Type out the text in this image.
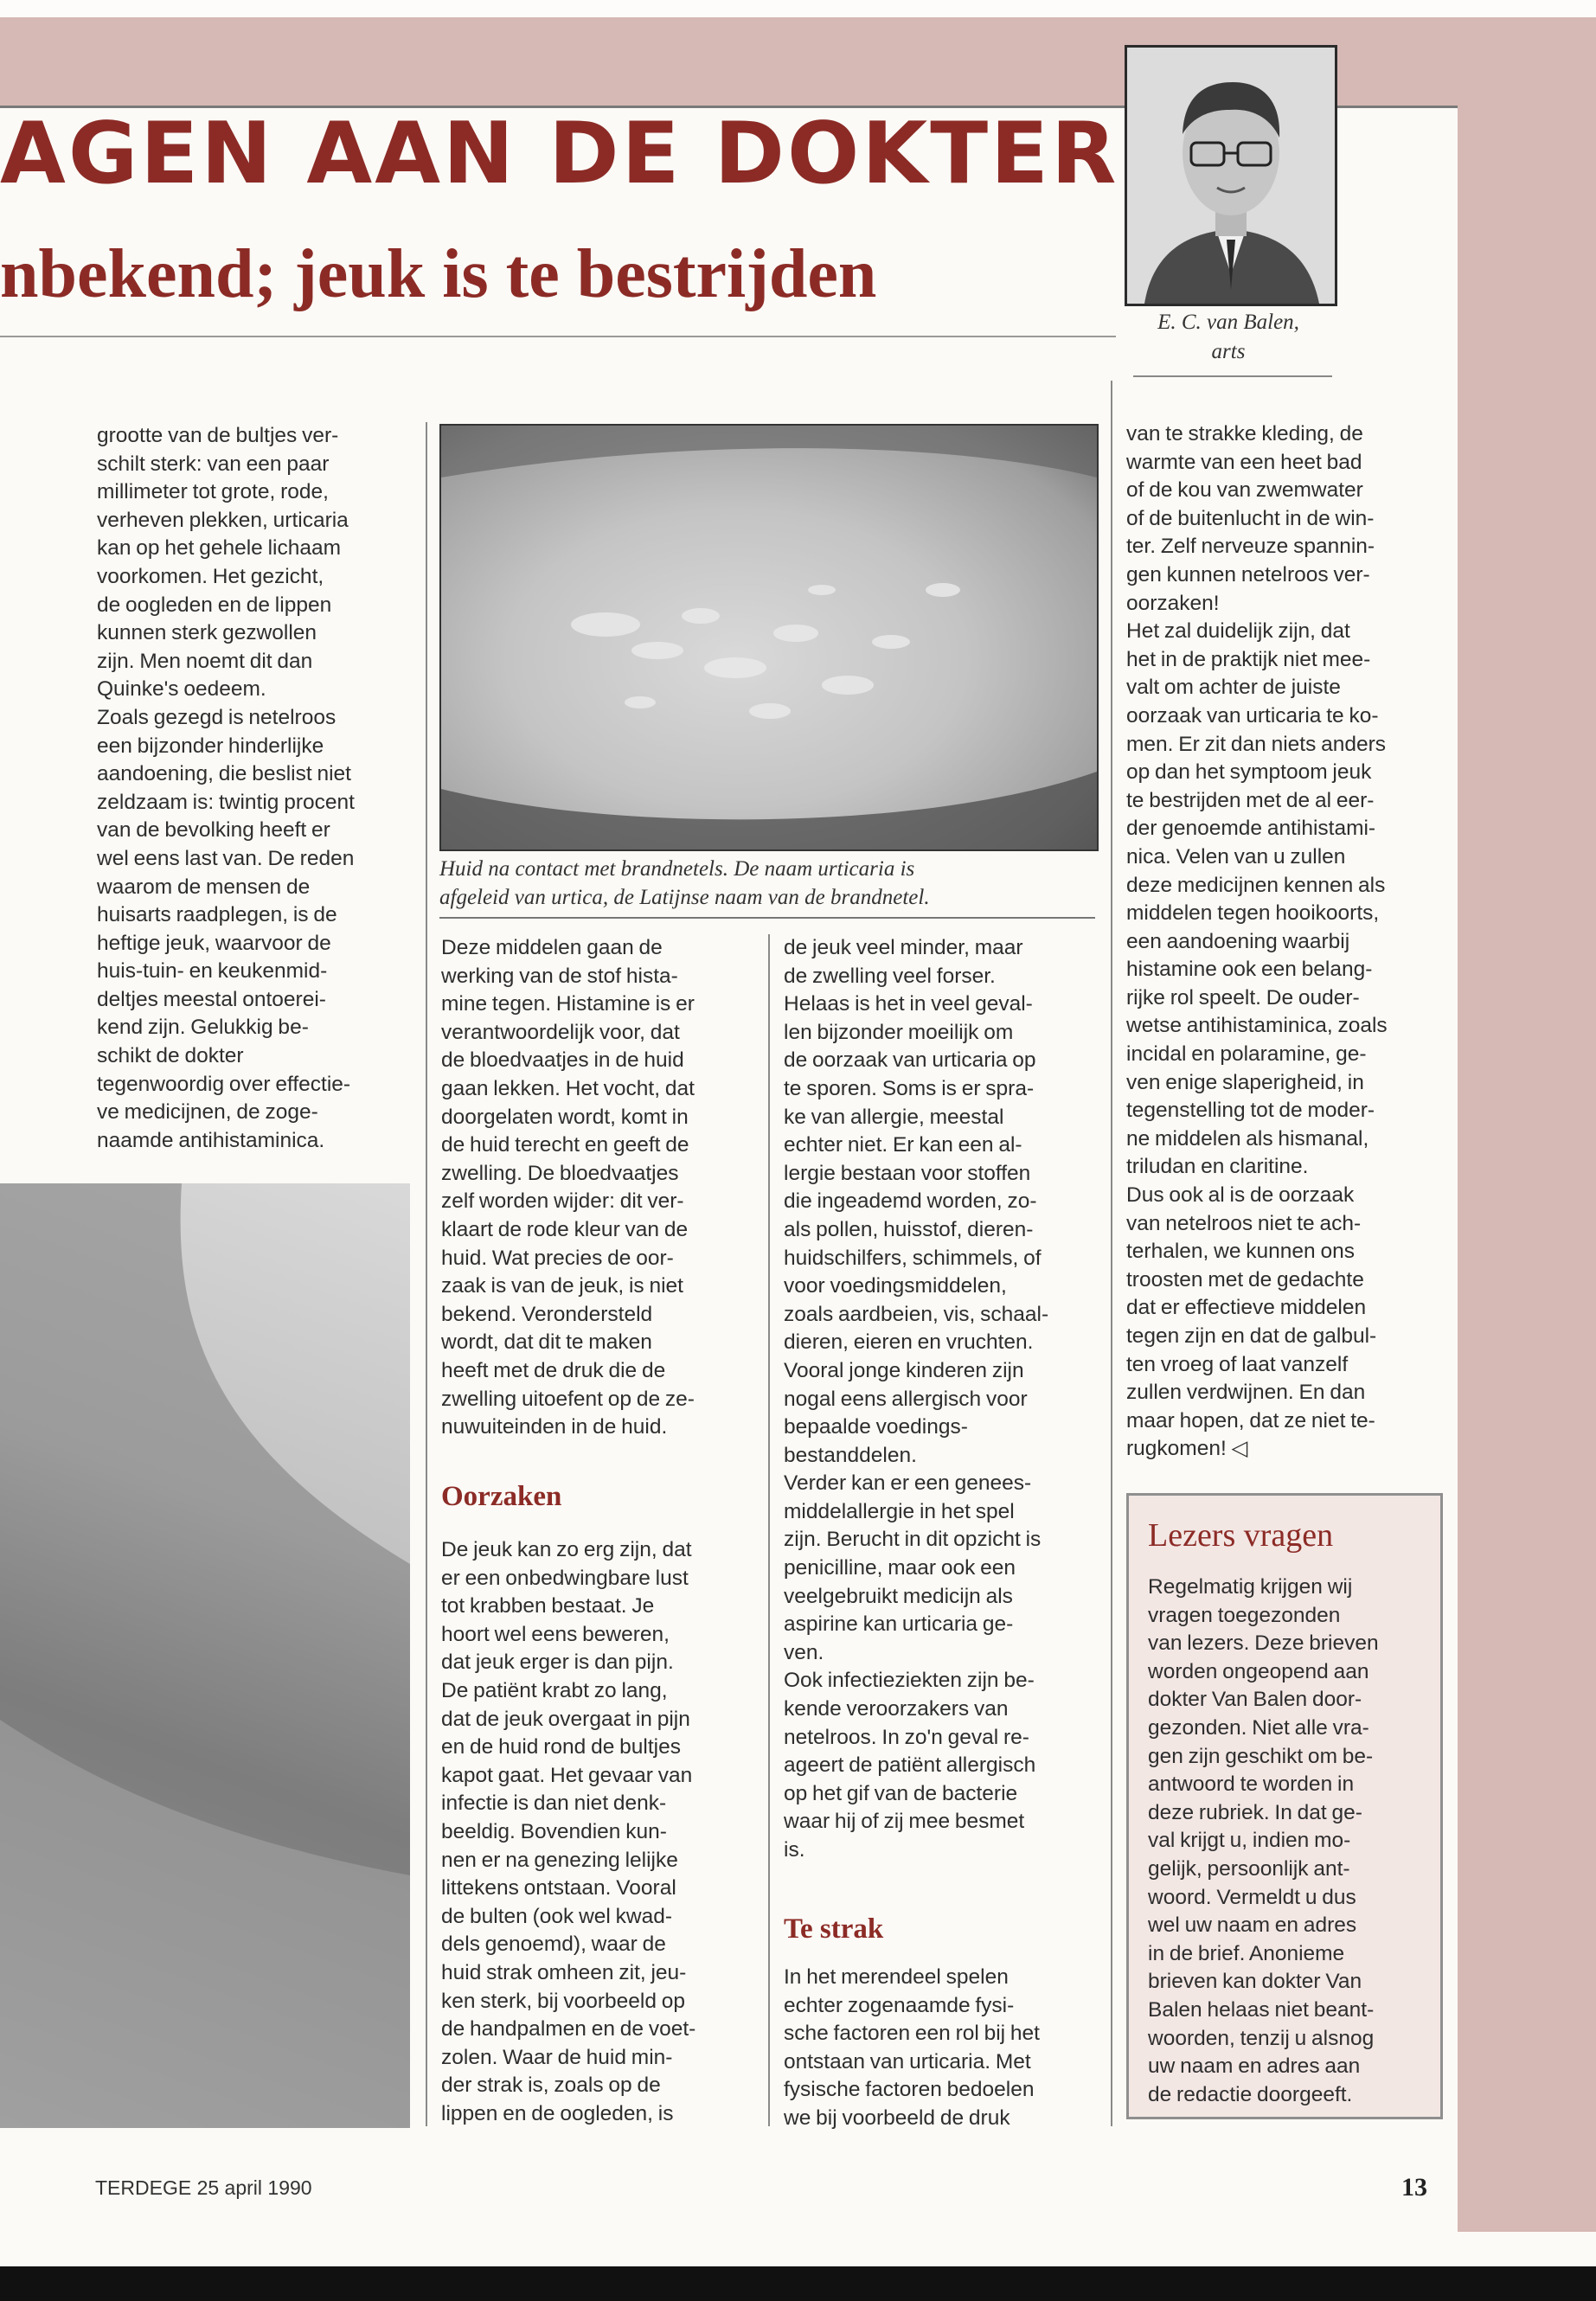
AGEN AAN DE DOKTER
nbekend; jeuk is te bestrijden
E. C. van Balen,
arts

grootte van de bultjes ver-

schilt sterk: van een paar

millimeter tot grote, rode,

verheven plekken, urticaria

kan op het gehele lichaam

voorkomen. Het gezicht,

de oogleden en de lippen

kunnen sterk gezwollen

zijn. Men noemt dit dan

Quinke's oedeem.

Zoals gezegd is netelroos

een bijzonder hinderlijke

aandoening, die beslist niet

zeldzaam is: twintig procent

van de bevolking heeft er

wel eens last van. De reden

waarom de mensen de

huisarts raadplegen, is de

heftige jeuk, waarvoor de

huis-tuin- en keukenmid-

deltjes meestal ontoerei-

kend zijn. Gelukkig be-

schikt de dokter

tegenwoordig over effectie-

ve medicijnen, de zoge-

naamde antihistaminica.

Huid na contact met brandnetels. De naam urticaria is
afgeleid van urtica, de Latijnse naam van de brandnetel.

Deze middelen gaan de

werking van de stof hista-

mine tegen. Histamine is er

verantwoordelijk voor, dat

de bloedvaatjes in de huid

gaan lekken. Het vocht, dat

doorgelaten wordt, komt in

de huid terecht en geeft de

zwelling. De bloedvaatjes

zelf worden wijder: dit ver-

klaart de rode kleur van de

huid. Wat precies de oor-

zaak is van de jeuk, is niet

bekend. Verondersteld

wordt, dat dit te maken

heeft met de druk die de

zwelling uitoefent op de ze-

nuwuiteinden in de huid.

Oorzaken

De jeuk kan zo erg zijn, dat

er een onbedwingbare lust

tot krabben bestaat. Je

hoort wel eens beweren,

dat jeuk erger is dan pijn.

De patiënt krabt zo lang,

dat de jeuk overgaat in pijn

en de huid rond de bultjes

kapot gaat. Het gevaar van

infectie is dan niet denk-

beeldig. Bovendien kun-

nen er na genezing lelijke

littekens ontstaan. Vooral

de bulten (ook wel kwad-

dels genoemd), waar de

huid strak omheen zit, jeu-

ken sterk, bij voorbeeld op

de handpalmen en de voet-

zolen. Waar de huid min-

der strak is, zoals op de

lippen en de oogleden, is

de jeuk veel minder, maar

de zwelling veel forser.

Helaas is het in veel geval-

len bijzonder moeilijk om

de oorzaak van urticaria op

te sporen. Soms is er spra-

ke van allergie, meestal

echter niet. Er kan een al-

lergie bestaan voor stoffen

die ingeademd worden, zo-

als pollen, huisstof, dieren-

huidschilfers, schimmels, of

voor voedingsmiddelen,

zoals aardbeien, vis, schaal-

dieren, eieren en vruchten.

Vooral jonge kinderen zijn

nogal eens allergisch voor

bepaalde voedings-

bestanddelen.

Verder kan er een genees-

middelallergie in het spel

zijn. Berucht in dit opzicht is

penicilline, maar ook een

veelgebruikt medicijn als

aspirine kan urticaria ge-

ven.

Ook infectieziekten zijn be-

kende veroorzakers van

netelroos. In zo'n geval re-

ageert de patiënt allergisch

op het gif van de bacterie

waar hij of zij mee besmet

is.

Te strak

In het merendeel spelen

echter zogenaamde fysi-

sche factoren een rol bij het

ontstaan van urticaria. Met

fysische factoren bedoelen

we bij voorbeeld de druk

van te strakke kleding, de

warmte van een heet bad

of de kou van zwemwater

of de buitenlucht in de win-

ter. Zelf nerveuze spannin-

gen kunnen netelroos ver-

oorzaken!

Het zal duidelijk zijn, dat

het in de praktijk niet mee-

valt om achter de juiste

oorzaak van urticaria te ko-

men. Er zit dan niets anders

op dan het symptoom jeuk

te bestrijden met de al eer-

der genoemde antihistami-

nica. Velen van u zullen

deze medicijnen kennen als

middelen tegen hooikoorts,

een aandoening waarbij

histamine ook een belang-

rijke rol speelt. De ouder-

wetse antihistaminica, zoals

incidal en polaramine, ge-

ven enige slaperigheid, in

tegenstelling tot de moder-

ne middelen als hismanal,

triludan en claritine.

Dus ook al is de oorzaak

van netelroos niet te ach-

terhalen, we kunnen ons

troosten met de gedachte

dat er effectieve middelen

tegen zijn en dat de galbul-

ten vroeg of laat vanzelf

zullen verdwijnen. En dan

maar hopen, dat ze niet te-

rugkomen! ◁

Lezers vragen

Regelmatig krijgen wij

vragen toegezonden

van lezers. Deze brieven

worden ongeopend aan

dokter Van Balen door-

gezonden. Niet alle vra-

gen zijn geschikt om be-

antwoord te worden in

deze rubriek. In dat ge-

val krijgt u, indien mo-

gelijk, persoonlijk ant-

woord. Vermeldt u dus

wel uw naam en adres

in de brief. Anonieme

brieven kan dokter Van

Balen helaas niet beant-

woorden, tenzij u alsnog

uw naam en adres aan

de redactie doorgeeft.

TERDEGE 25 april 1990	13
